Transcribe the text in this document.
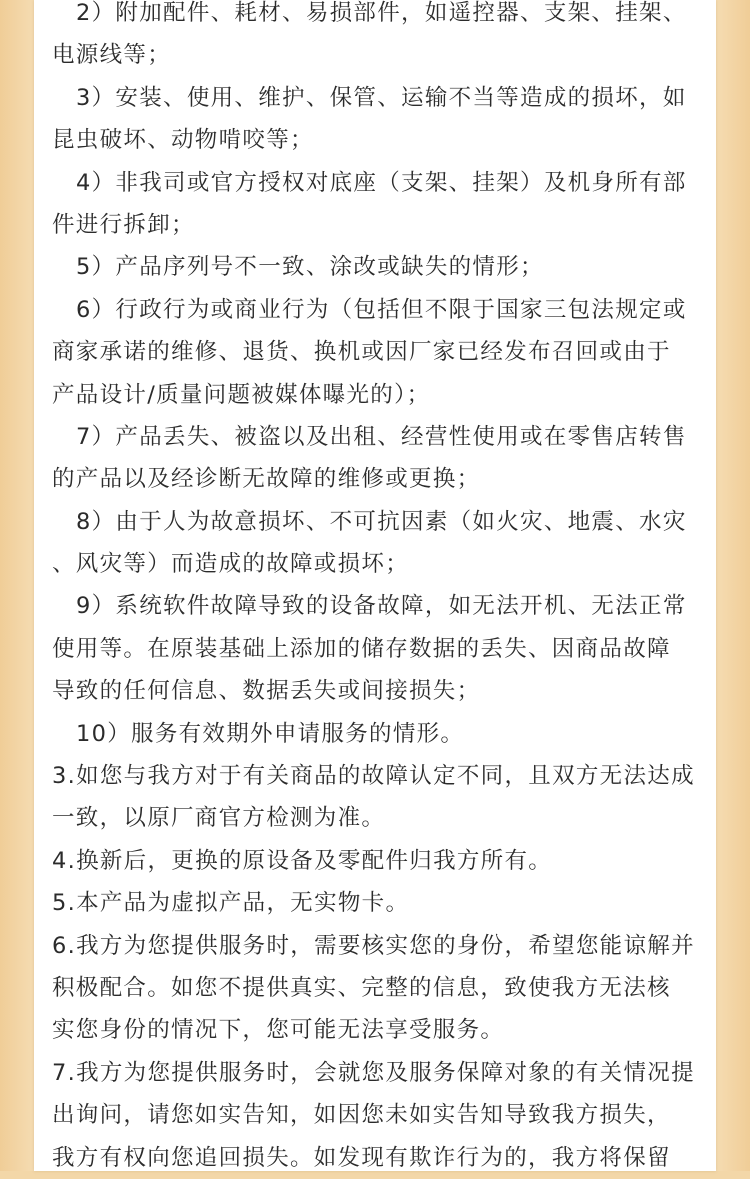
2）附加配件、耗材、易损部件，如遥控器、支架、挂架、
电源线等；
3）安装、使用、维护、保管、运输不当等造成的损坏，如
昆虫破坏、动物啃咬等；
4）非我司或官方授权对底座（支架、挂架）及机身所有部
件进行拆卸；
5）产品序列号不一致、涂改或缺失的情形；
6）行政行为或商业行为（包括但不限于国家三包法规定或
商家承诺的维修、退货、换机或因厂家已经发布召回或由于
产品设计/质量问题被媒体曝光的）；
7）产品丢失、被盗以及出租、经营性使用或在零售店转售
的产品以及经诊断无故障的维修或更换；
8）由于人为故意损坏、不可抗因素（如火灾、地震、水灾
、风灾等）而造成的故障或损坏；
9）系统软件故障导致的设备故障，如无法开机、无法正常
使用等。在原装基础上添加的储存数据的丢失、因商品故障
导致的任何信息、数据丢失或间接损失；
10）服务有效期外申请服务的情形。
3.如您与我方对于有关商品的故障认定不同，且双方无法达成
一致，以原厂商官方检测为准。
4.换新后，更换的原设备及零配件归我方所有。
5.本产品为虚拟产品，无实物卡。
6.我方为您提供服务时，需要核实您的身份，希望您能谅解并
积极配合。如您不提供真实、完整的信息，致使我方无法核
实您身份的情况下，您可能无法享受服务。
7.我方为您提供服务时，会就您及服务保障对象的有关情况提
出询问，请您如实告知，如因您未如实告知导致我方损失，
我方有权向您追回损失。如发现有欺诈行为的，我方将保留
